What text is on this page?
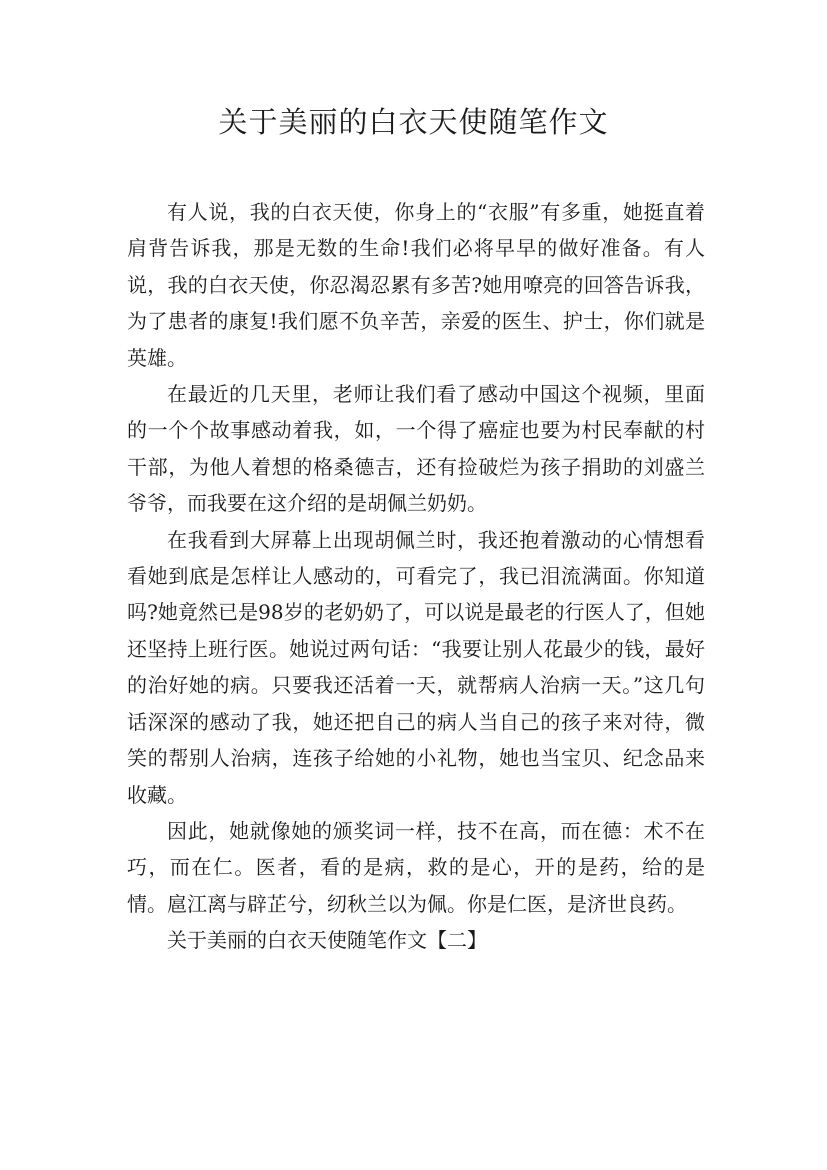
关于美丽的白衣天使随笔作文

有人说，我的白衣天使，你身上的“衣服”有多重，她挺直着肩背告诉我，那是无数的生命!我们必将早早的做好准备。有人说，我的白衣天使，你忍渴忍累有多苦?她用嘹亮的回答告诉我，为了患者的康复!我们愿不负辛苦，亲爱的医生、护士，你们就是英雄。

在最近的几天里，老师让我们看了感动中国这个视频，里面的一个个故事感动着我，如，一个得了癌症也要为村民奉献的村干部，为他人着想的格桑德吉，还有捡破烂为孩子捐助的刘盛兰爷爷，而我要在这介绍的是胡佩兰奶奶。

在我看到大屏幕上出现胡佩兰时，我还抱着激动的心情想看看她到底是怎样让人感动的，可看完了，我已泪流满面。你知道吗?她竟然已是98岁的老奶奶了，可以说是最老的行医人了，但她还坚持上班行医。她说过两句话：“我要让别人花最少的钱，最好的治好她的病。只要我还活着一天，就帮病人治病一天。”这几句话深深的感动了我，她还把自己的病人当自己的孩子来对待，微笑的帮别人治病，连孩子给她的小礼物，她也当宝贝、纪念品来收藏。

因此，她就像她的颁奖词一样，技不在高，而在德：术不在巧，而在仁。医者，看的是病，救的是心，开的是药，给的是情。扈江离与辟芷兮，纫秋兰以为佩。你是仁医，是济世良药。

关于美丽的白衣天使随笔作文【二】
